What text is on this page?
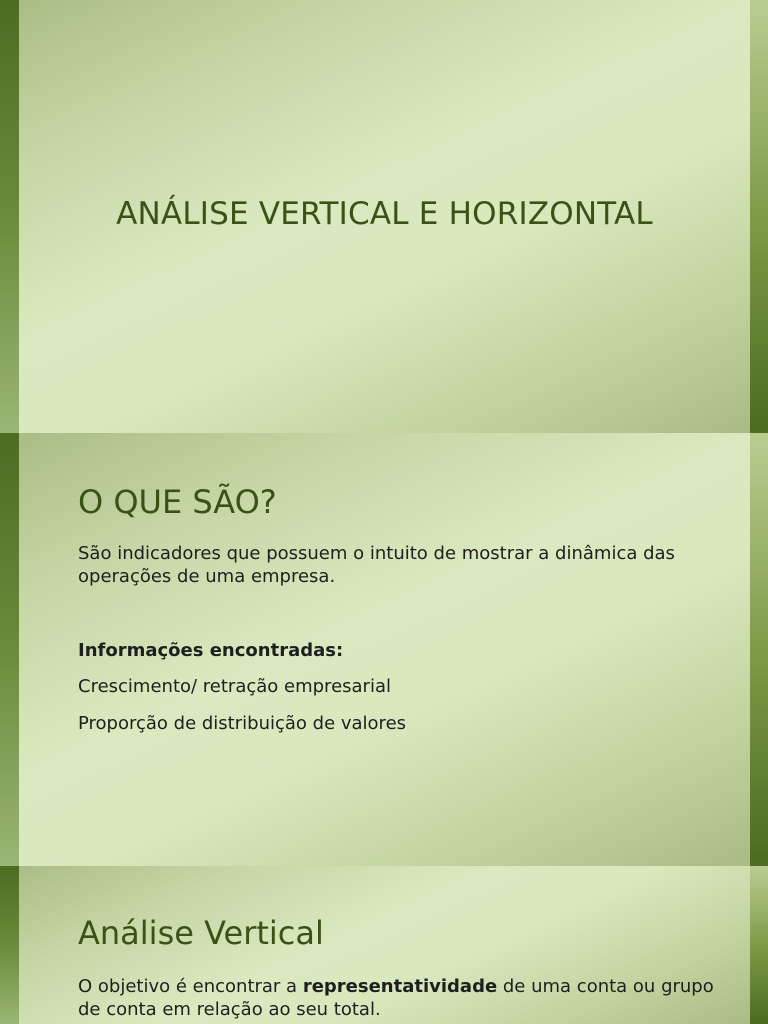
ANÁLISE VERTICAL E HORIZONTAL
O QUE SÃO?
São indicadores que possuem o intuito de mostrar a dinâmica das operações de uma empresa.
Informações encontradas:
Crescimento/ retração empresarial
Proporção de distribuição de valores
Análise Vertical
O objetivo é encontrar a representatividade de uma conta ou grupo de conta em relação ao seu total.
